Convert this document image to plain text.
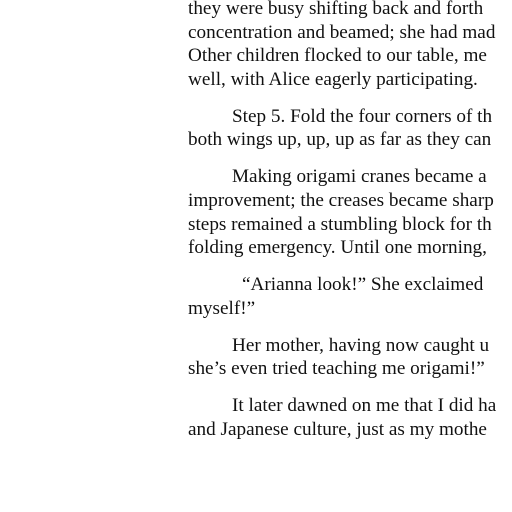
they were busy shifting back and forth
concentration and beamed; she had mad
Other children flocked to our table, me
well, with Alice eagerly participating.

Step 5. Fold the four corners of th
both wings up, up, up as far as they can

Making origami cranes became a
improvement; the creases became sharp
steps remained a stumbling block for th
folding emergency. Until one morning,

“Arianna look!” She exclaimed
myself!”

Her mother, having now caught u
she’s even tried teaching me origami!”

It later dawned on me that I did ha
and Japanese culture, just as my mothe
